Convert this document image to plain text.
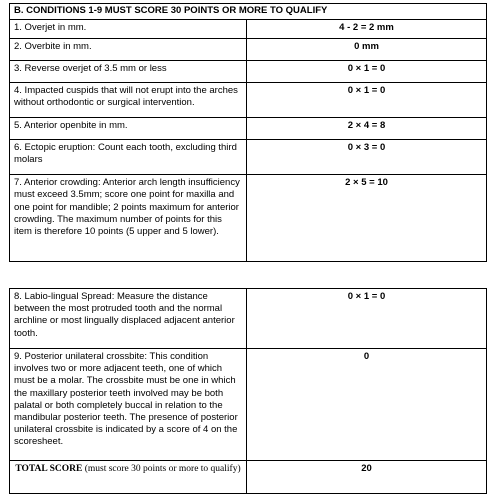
B. CONDITIONS 1-9 MUST SCORE 30 POINTS OR MORE TO QUALIFY	
1. Overjet in mm.	4 - 2 = 2 mm
2. Overbite in mm.	0 mm
3. Reverse overjet of 3.5 mm or less	0 × 1 = 0
4. Impacted cuspids that will not erupt into the arches without orthodontic or surgical intervention.	0 × 1 = 0
5. Anterior openbite in mm.	2 × 4 = 8
6. Ectopic eruption: Count each tooth, excluding third molars	0 × 3 = 0
7. Anterior crowding: Anterior arch length insufficiency must exceed 3.5mm; score one point for maxilla and one point for mandible; 2 points maximum for anterior crowding. The maximum number of points for this item is therefore 10 points (5 upper and 5 lower).	2 × 5 = 10
8. Labio-lingual Spread: Measure the distance between the most protruded tooth and the normal archline or most lingually displaced adjacent anterior tooth.	0 × 1 = 0
9. Posterior unilateral crossbite: This condition involves two or more adjacent teeth, one of which must be a molar. The crossbite must be one in which the maxillary posterior teeth involved may be both palatal or both completely buccal in relation to the mandibular posterior teeth. The presence of posterior unilateral crossbite is indicated by a score of 4 on the scoresheet.	0
TOTAL SCORE (must score 30 points or more to qualify)	20
